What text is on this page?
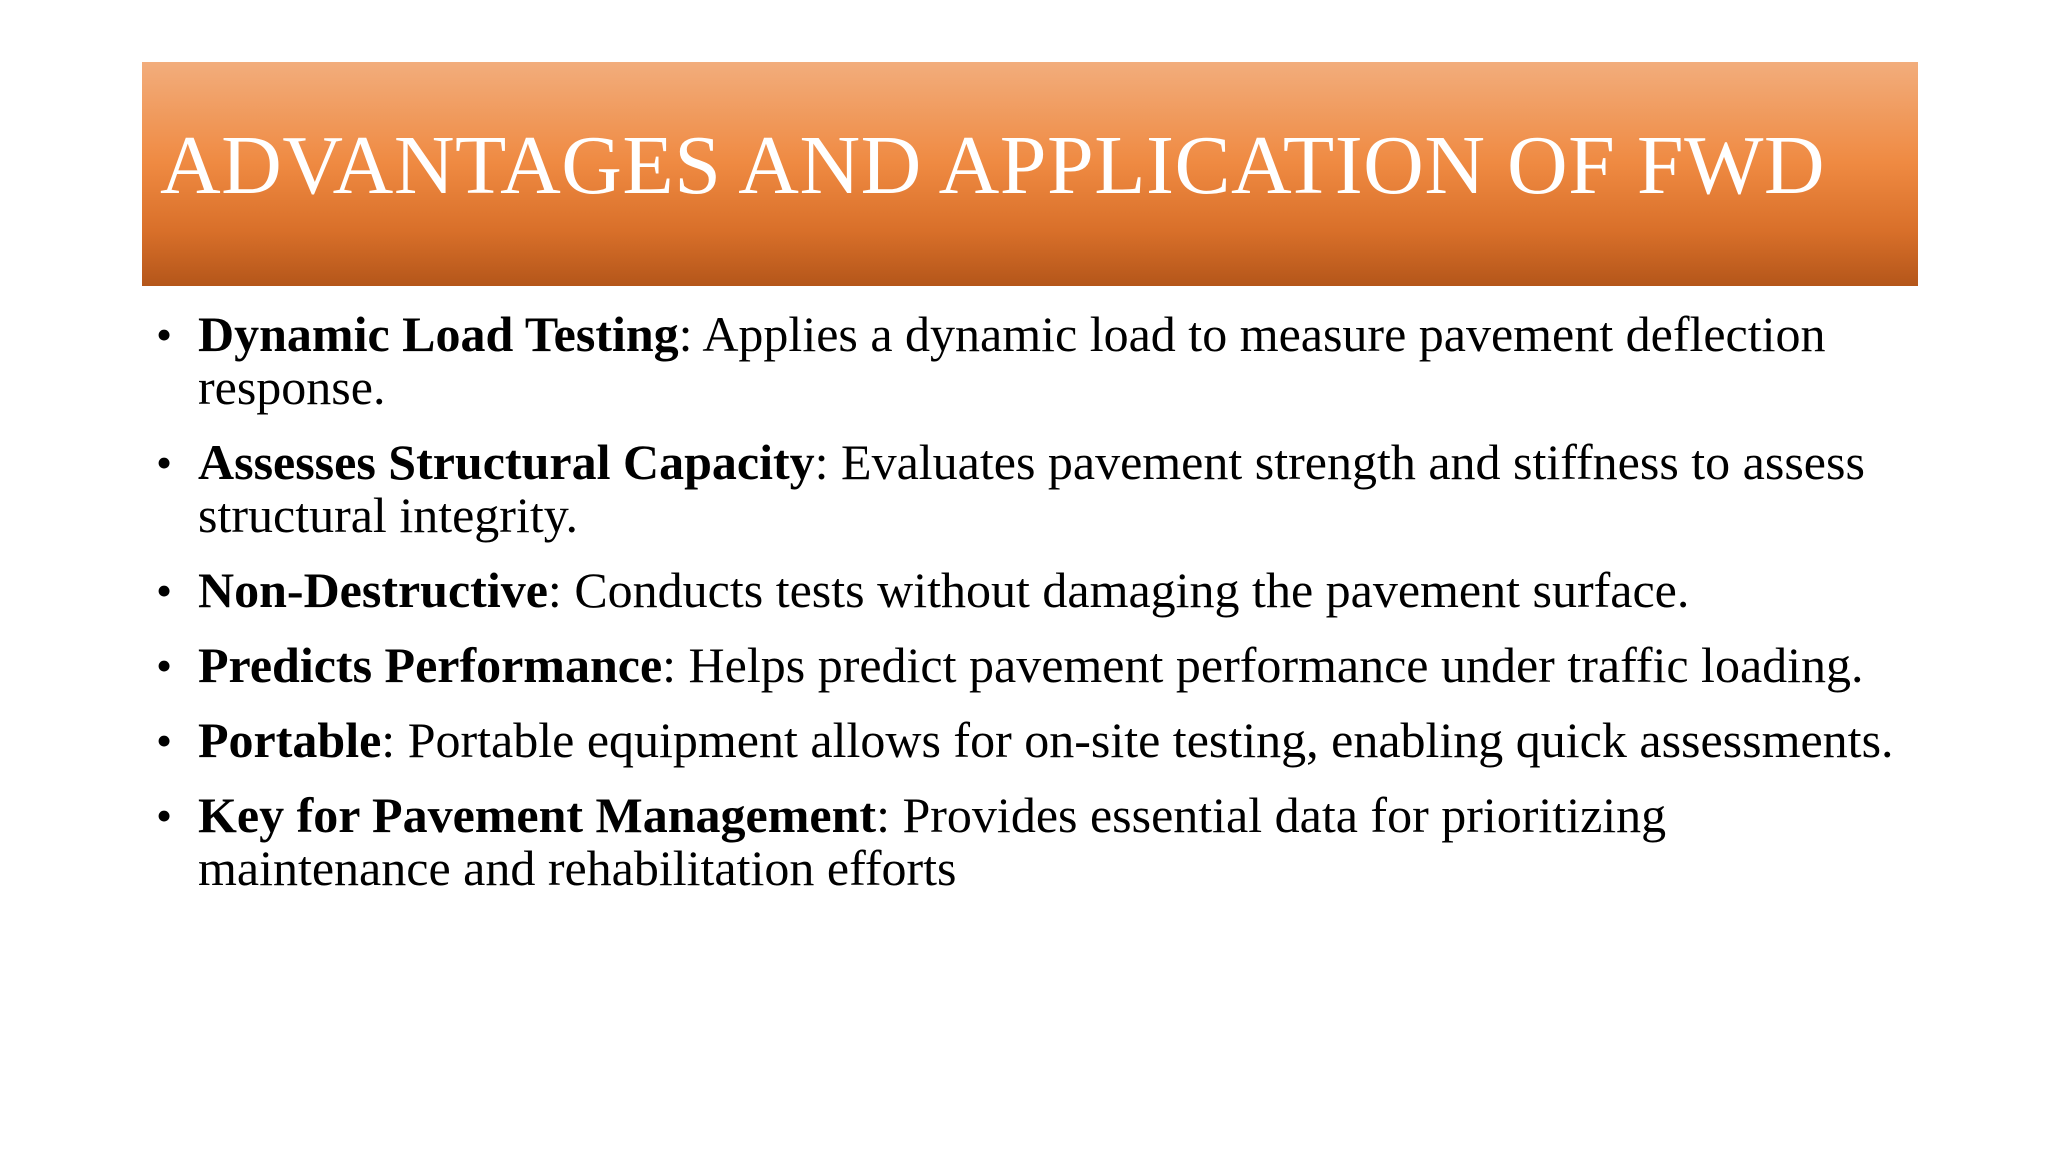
ADVANTAGES AND APPLICATION OF FWD
• Dynamic Load Testing: Applies a dynamic load to measure pavement deflection response.
• Assesses Structural Capacity: Evaluates pavement strength and stiffness to assess structural integrity.
• Non-Destructive: Conducts tests without damaging the pavement surface.
• Predicts Performance: Helps predict pavement performance under traffic loading.
• Portable: Portable equipment allows for on-site testing, enabling quick assessments.
• Key for Pavement Management: Provides essential data for prioritizing maintenance and rehabilitation efforts
